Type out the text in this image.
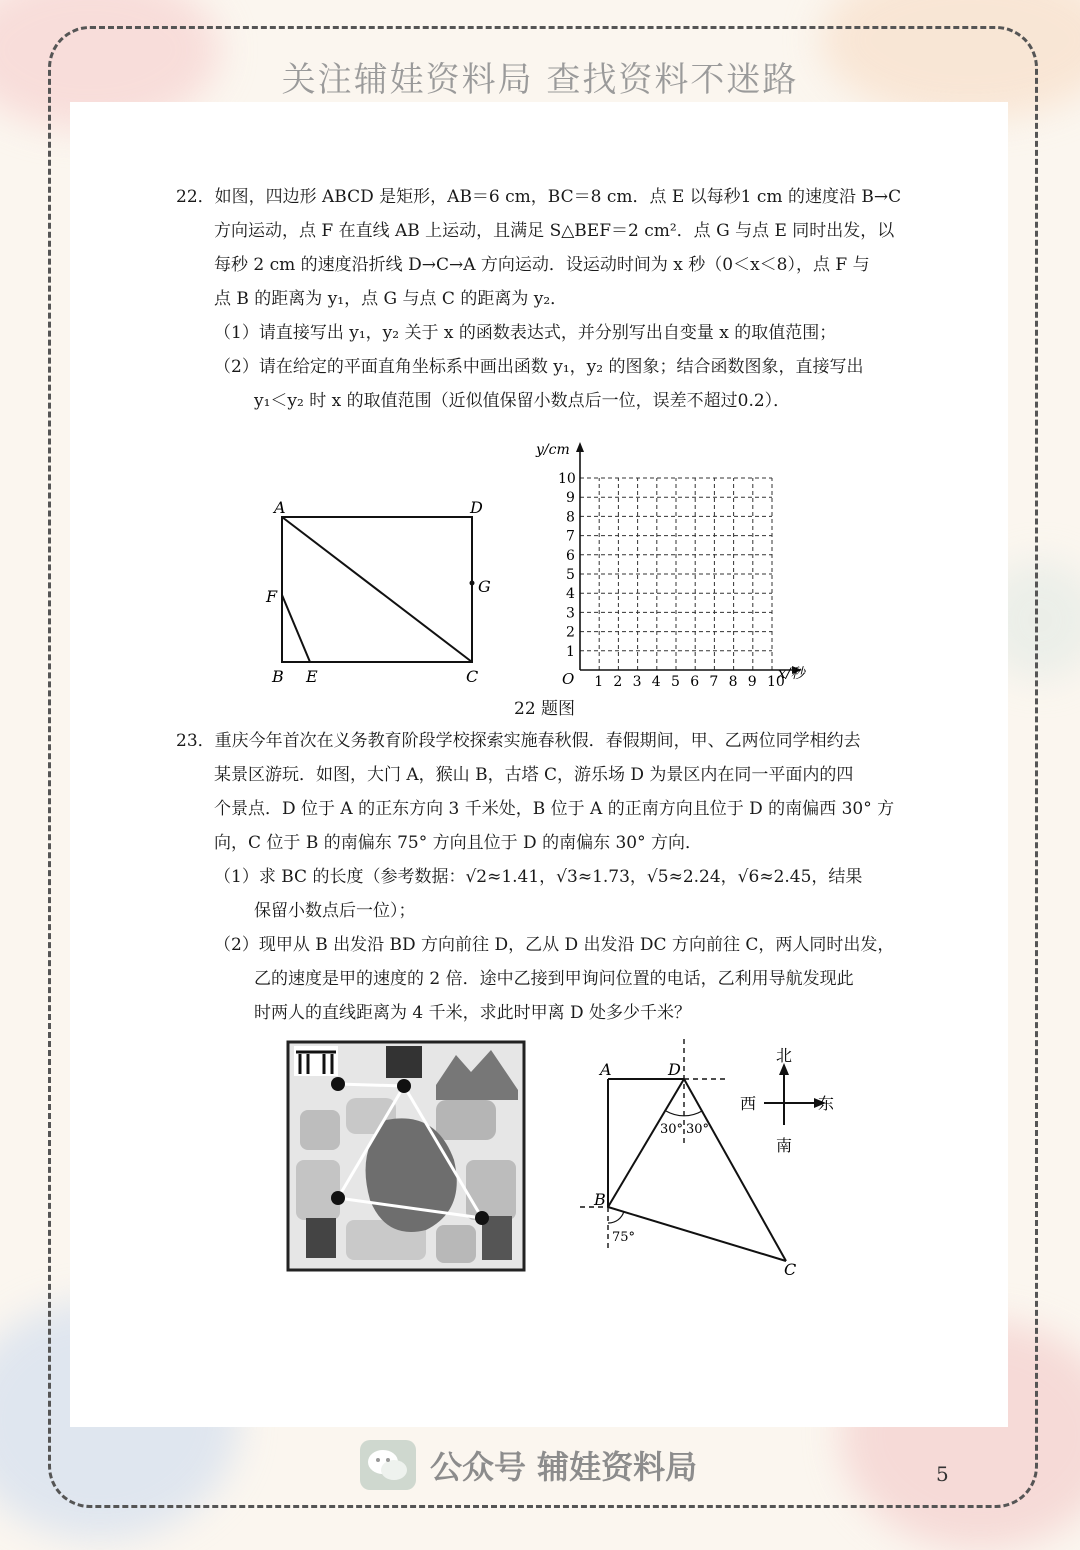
关注辅娃资料局 查找资料不迷路

22．如图，四边形 ABCD 是矩形，AB＝6 cm，BC＝8 cm．点 E 以每秒1 cm 的速度沿 B→C

方向运动，点 F 在直线 AB 上运动，且满足 S△BEF＝2 cm²．点 G 与点 E 同时出发，以

每秒 2 cm 的速度沿折线 D→C→A 方向运动．设运动时间为 x 秒（0＜x＜8），点 F 与

点 B 的距离为 y₁，点 G 与点 C 的距离为 y₂．

（1）请直接写出 y₁，y₂ 关于 x 的函数表达式，并分别写出自变量 x 的取值范围；

（2）请在给定的平面直角坐标系中画出函数 y₁，y₂ 的图象；结合函数图象，直接写出

y₁＜y₂ 时 x 的取值范围（近似值保留小数点后一位，误差不超过0.2）．

A	D
F
G
B E	C
y/cm
x/秒
O 1 2 3 4 5 6 7 8 9 10
1
2
3
4
5
6
7
8
9
10
22 题图

23．重庆今年首次在义务教育阶段学校探索实施春秋假．春假期间，甲、乙两位同学相约去

某景区游玩．如图，大门 A，猴山 B，古塔 C，游乐场 D 为景区内在同一平面内的四

个景点．D 位于 A 的正东方向 3 千米处，B 位于 A 的正南方向且位于 D 的南偏西 30° 方

向，C 位于 B 的南偏东 75° 方向且位于 D 的南偏东 30° 方向．

（1）求 BC 的长度（参考数据：√2≈1.41，√3≈1.73，√5≈2.24，√6≈2.45，结果

保留小数点后一位）；

（2）现甲从 B 出发沿 BD 方向前往 D，乙从 D 出发沿 DC 方向前往 C，两人同时出发，

乙的速度是甲的速度的 2 倍．途中乙接到甲询问位置的电话，乙利用导航发现此

时两人的直线距离为 4 千米，求此时甲离 D 处多少千米？

A	D
B
C
30° 30°
75°
北
西	东
南
公众号 辅娃资料局	5
